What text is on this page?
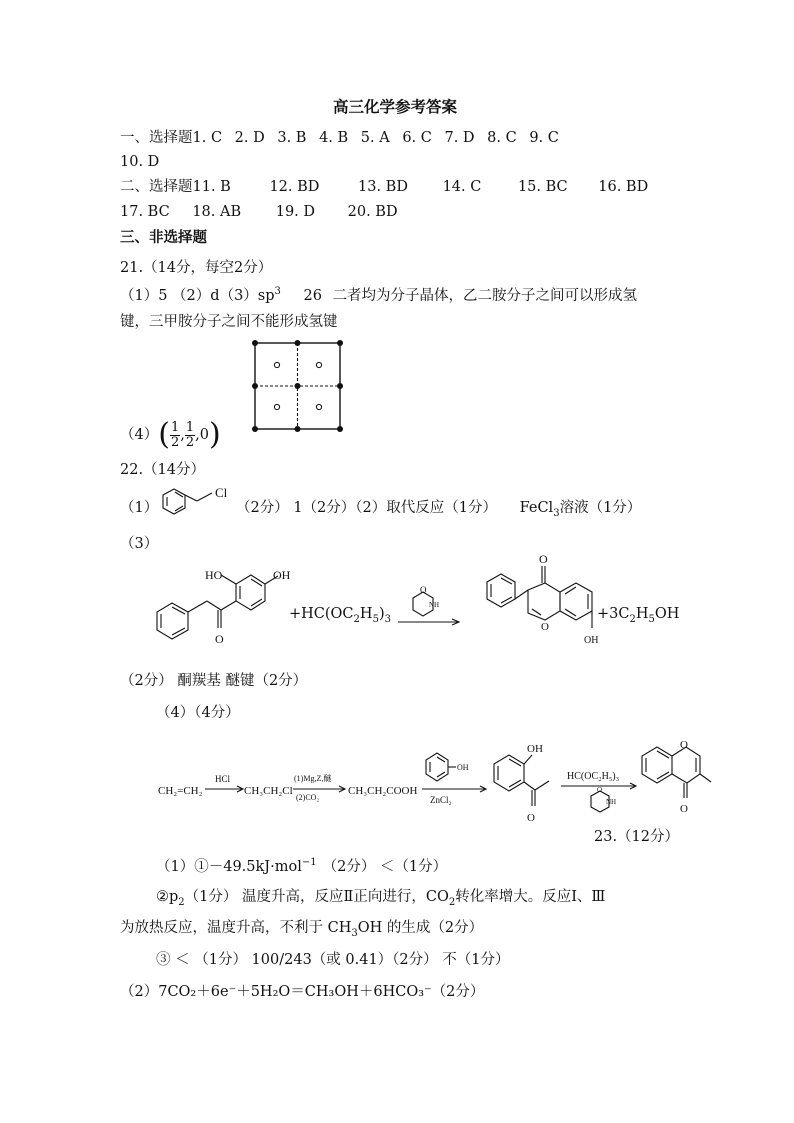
高三化学参考答案
一、选择题1. C 2. D 3. B 4. B 5. A 6. C 7. D 8. C 9. C
10. D
二、选择题11. B	12. BD	13. BD 14. C	15. BC 16. BD
17. BC 18. AB 19. D 20. BD
三、非选择题
21.（14分，每空2分）
（1）5 $(2)d(3)sp^3$ 26 二者均为分子晶体，乙二胺分子之间可以形成氢
键，三甲胺分子之间不能形成氢键
$(4)( \frac{1}{2}$ , $\frac{1}{2} ,0$)
22.（14分）
（1）
Cl
（2分） 1（2分）（2）取代反应（1分） FeCl$_3$溶液（1分）
（3）
HO	OH
O
$+HC(OC_2H_5)_3$
O
NH
O
O
OH
$+3C_2H_5OH$
（2分） 酮羰基 醚键（2分）
（4）（4分）
CH₂=CH₂
HCl
CH₃CH₂Cl
(1)Mg,Z,醚
(2)CO₂
CH₃CH₂COOH
OH
ZnCl₂
OH
O
HC(OC₂H₅)₃
O
NH
O
O
23.（12分）
（1）①－49.5kJ·mol$^{-1}$ （2分） ＜（1分）
$②p_2(1$分） 温度升高，反应Ⅱ正向进行，$CO_2$转化率增大。反应Ⅰ、Ⅲ
为放热反应，温度升高，不利于 $CH_3OH$ 的生成（2分）
③ ＜ （1分） 100/243（或 0.41）（2分） 不（1分）
（2）7CO₂＋6e⁻＋5H₂O＝CH₃OH＋6HCO₃⁻（2分）
